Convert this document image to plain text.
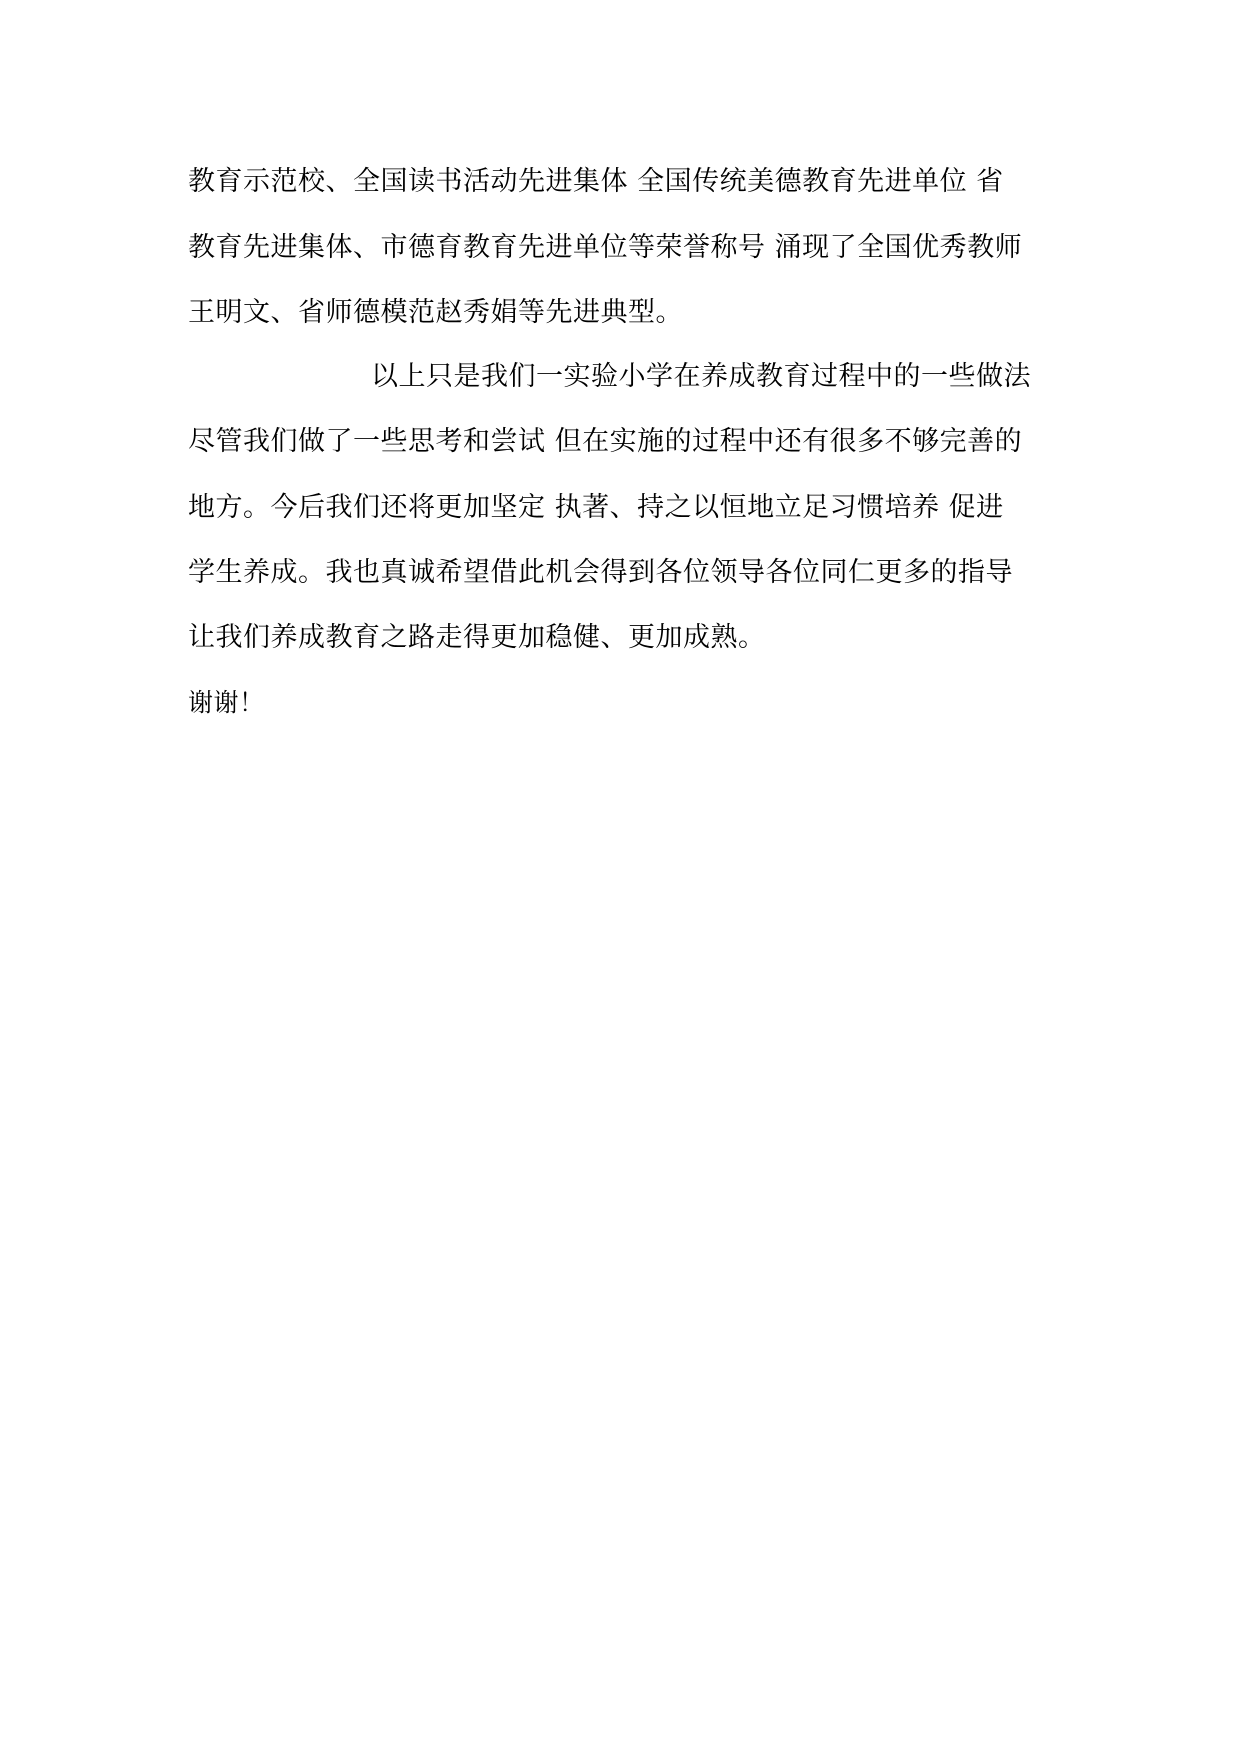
教育示范校、全国读书活动先进集体 全国传统美德教育先进单位 省
教育先进集体、市德育教育先进单位等荣誉称号 涌现了全国优秀教师
王明文、省师德模范赵秀娟等先进典型。
以上只是我们一实验小学在养成教育过程中的一些做法
尽管我们做了一些思考和尝试 但在实施的过程中还有很多不够完善的
地方。今后我们还将更加坚定 执著、持之以恒地立足习惯培养 促进
学生养成。我也真诚希望借此机会得到各位领导各位同仁更多的指导
让我们养成教育之路走得更加稳健、更加成熟。
谢谢！
